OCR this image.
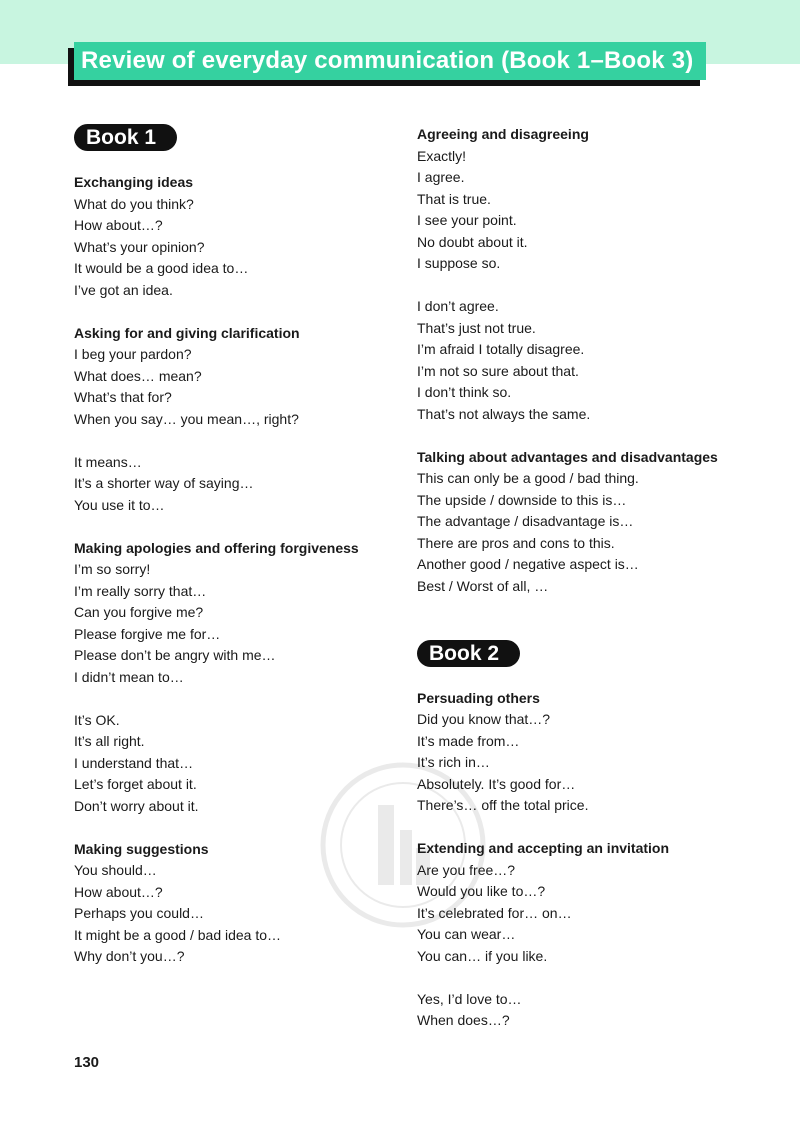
Review of everyday communication (Book 1–Book 3)
Book 1
Exchanging ideas
What do you think?
How about…?
What’s your opinion?
It would be a good idea to…
I’ve got an idea.
Asking for and giving clarification
I beg your pardon?
What does… mean?
What’s that for?
When you say… you mean…, right?
It means…
It’s a shorter way of saying…
You use it to…
Making apologies and offering forgiveness
I’m so sorry!
I’m really sorry that…
Can you forgive me?
Please forgive me for…
Please don’t be angry with me…
I didn’t mean to…
It’s OK.
It’s all right.
I understand that…
Let’s forget about it.
Don’t worry about it.
Making suggestions
You should…
How about…?
Perhaps you could…
It might be a good / bad idea to…
Why don’t you…?
Agreeing and disagreeing
Exactly!
I agree.
That is true.
I see your point.
No doubt about it.
I suppose so.
I don’t agree.
That’s just not true.
I’m afraid I totally disagree.
I’m not so sure about that.
I don’t think so.
That’s not always the same.
Talking about advantages and disadvantages
This can only be a good / bad thing.
The upside / downside to this is…
The advantage / disadvantage is…
There are pros and cons to this.
Another good / negative aspect is…
Best / Worst of all, …
Book 2
Persuading others
Did you know that…?
It’s made from…
It’s rich in…
Absolutely. It’s good for…
There’s… off the total price.
Extending and accepting an invitation
Are you free…?
Would you like to…?
It’s celebrated for… on…
You can wear…
You can… if you like.
Yes, I’d love to…
When does…?
130
